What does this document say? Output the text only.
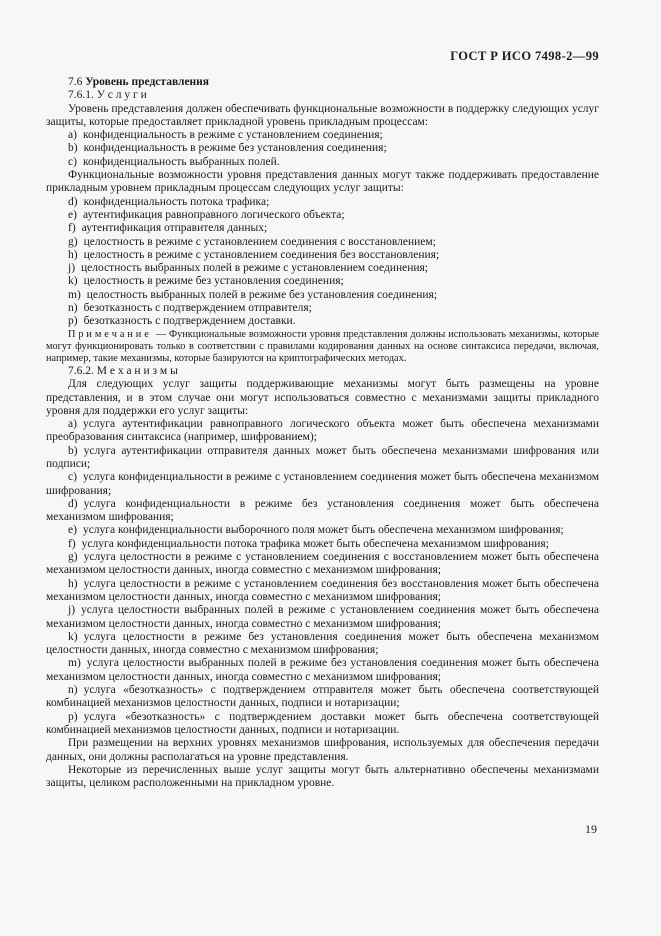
ГОСТ Р ИСО 7498-2—99

7.6 Уровень представления

7.6.1. У с л у г и

Уровень представления должен обеспечивать функциональные возможности в поддержку следующих услуг защиты, которые предоставляет прикладной уровень прикладным процессам:

a) конфиденциальность в режиме с установлением соединения;

b) конфиденциальность в режиме без установления соединения;

c) конфиденциальность выбранных полей.

Функциональные возможности уровня представления данных могут также поддерживать предоставление прикладным уровнем прикладным процессам следующих услуг защиты:

d) конфиденциальность потока трафика;

e) аутентификация равноправного логического объекта;

f) аутентификация отправителя данных;

g) целостность в режиме с установлением соединения с восстановлением;

h) целостность в режиме с установлением соединения без восстановления;

j) целостность выбранных полей в режиме с установлением соединения;

k) целостность в режиме без установления соединения;

m) целостность выбранных полей в режиме без установления соединения;

n) безотказность с подтверждением отправителя;

p) безотказность с подтверждением доставки.

П р и м е ч а н и е — Функциональные возможности уровня представления должны использовать механизмы, которые могут функционировать только в соответствии с правилами кодирования данных на основе синтаксиса передачи, включая, например, такие механизмы, которые базируются на криптографических методах.

7.6.2. М е х а н и з м ы

Для следующих услуг защиты поддерживающие механизмы могут быть размещены на уровне представления, и в этом случае они могут использоваться совместно с механизмами защиты прикладного уровня для поддержки его услуг защиты:

a) услуга аутентификации равноправного логического объекта может быть обеспечена механизмами преобразования синтаксиса (например, шифрованием);

b) услуга аутентификации отправителя данных может быть обеспечена механизмами шифрования или подписи;

c) услуга конфиденциальности в режиме с установлением соединения может быть обеспечена механизмом шифрования;

d) услуга конфиденциальности в режиме без установления соединения может быть обеспечена механизмом шифрования;

e) услуга конфиденциальности выборочного поля может быть обеспечена механизмом шифрования;

f) услуга конфиденциальности потока трафика может быть обеспечена механизмом шифрования;

g) услуга целостности в режиме с установлением соединения с восстановлением может быть обеспечена механизмом целостности данных, иногда совместно с механизмом шифрования;

h) услуга целостности в режиме с установлением соединения без восстановления может быть обеспечена механизмом целостности данных, иногда совместно с механизмом шифрования;

j) услуга целостности выбранных полей в режиме с установлением соединения может быть обеспечена механизмом целостности данных, иногда совместно с механизмом шифрования;

k) услуга целостности в режиме без установления соединения может быть обеспечена механизмом целостности данных, иногда совместно с механизмом шифрования;

m) услуга целостности выбранных полей в режиме без установления соединения может быть обеспечена механизмом целостности данных, иногда совместно с механизмом шифрования;

n) услуга «безотказность» с подтверждением отправителя может быть обеспечена соответствующей комбинацией механизмов целостности данных, подписи и нотаризации;

p) услуга «безотказность» с подтверждением доставки может быть обеспечена соответствующей комбинацией механизмов целостности данных, подписи и нотаризации.

При размещении на верхних уровнях механизмов шифрования, используемых для обеспечения передачи данных, они должны располагаться на уровне представления.

Некоторые из перечисленных выше услуг защиты могут быть альтернативно обеспечены механизмами защиты, целиком расположенными на прикладном уровне.

19
